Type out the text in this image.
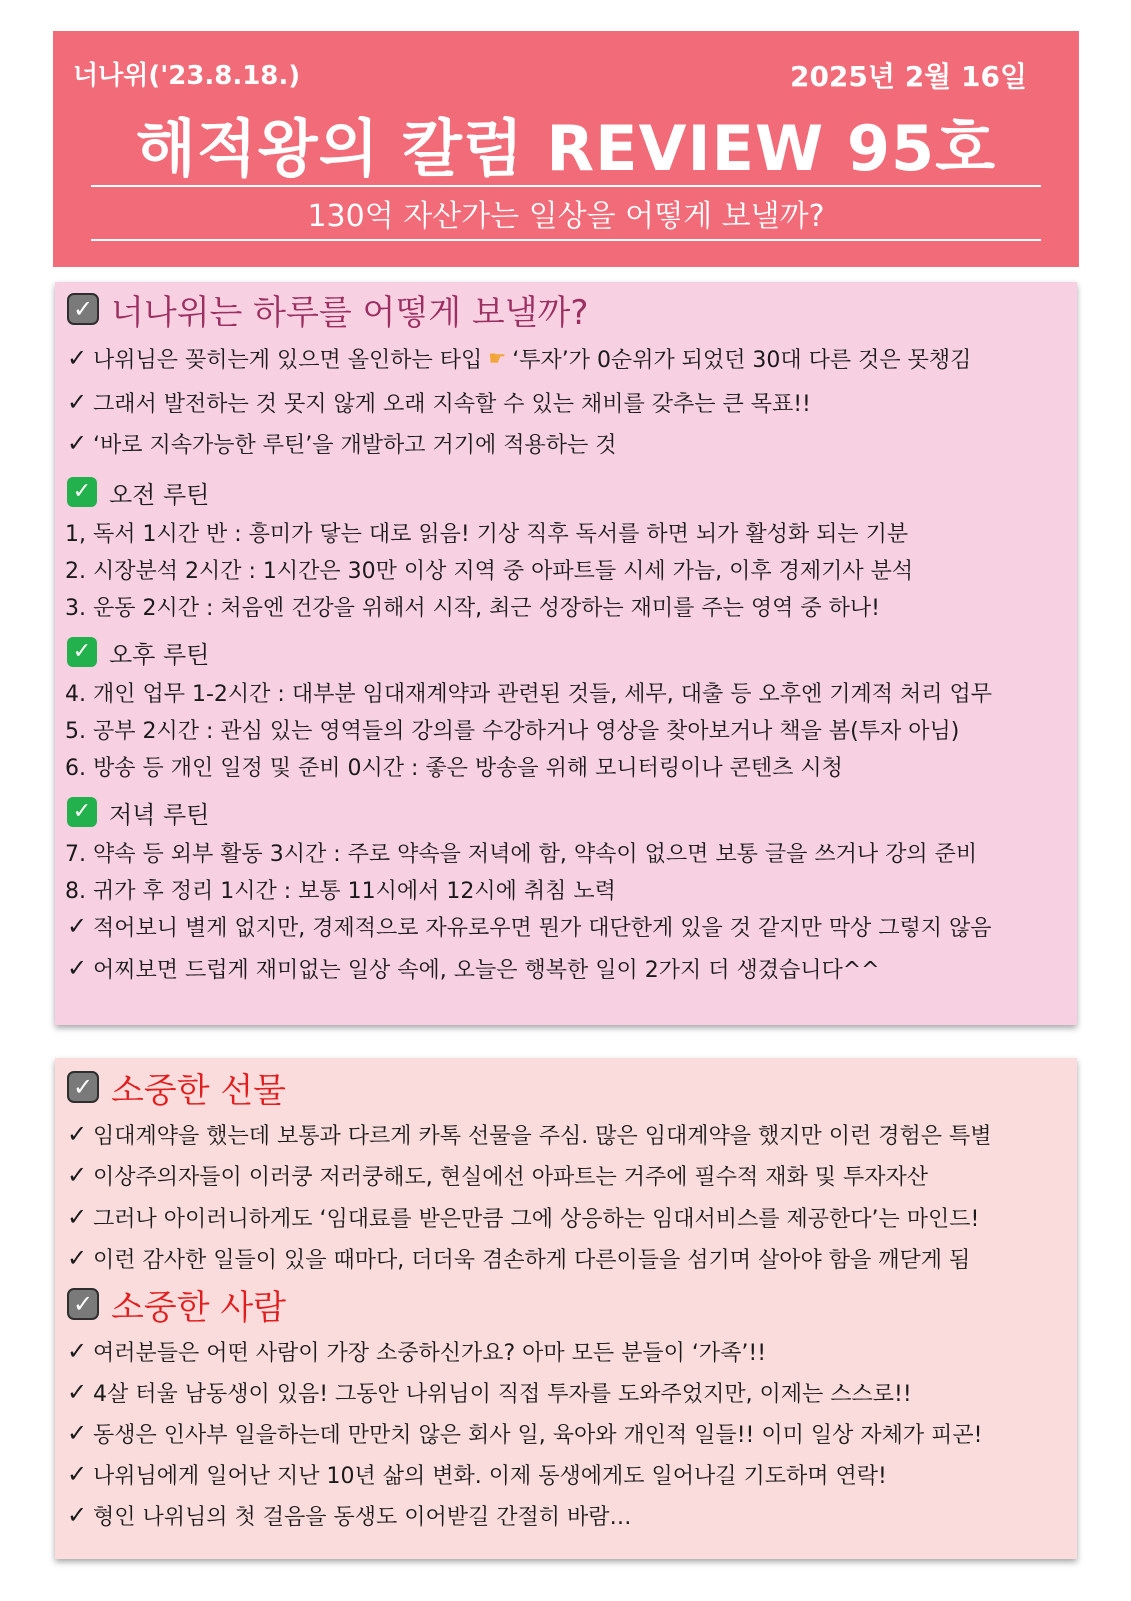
너나위('23.8.18.)	2025년 2월 16일
해적왕의 칼럼 REVIEW 95호
130억 자산가는 일상을 어떻게 보낼까?
✓ 너나위는 하루를 어떻게 보낼까?
✓ 나위님은 꽂히는게 있으면 올인하는 타입 ☛ ‘투자’가 0순위가 되었던 30대 다른 것은 못챙김
✓ 그래서 발전하는 것 못지 않게 오래 지속할 수 있는 채비를 갖추는 큰 목표!!
✓ ‘바로 지속가능한 루틴’을 개발하고 거기에 적용하는 것
✓ 오전 루틴
1, 독서 1시간 반 : 흥미가 닿는 대로 읽음! 기상 직후 독서를 하면 뇌가 활성화 되는 기분
2. 시장분석 2시간 : 1시간은 30만 이상 지역 중 아파트들 시세 가늠, 이후 경제기사 분석
3. 운동 2시간 : 처음엔 건강을 위해서 시작, 최근 성장하는 재미를 주는 영역 중 하나!
✓ 오후 루틴
4. 개인 업무 1-2시간 : 대부분 임대재계약과 관련된 것들, 세무, 대출 등 오후엔 기계적 처리 업무
5. 공부 2시간 : 관심 있는 영역들의 강의를 수강하거나 영상을 찾아보거나 책을 봄(투자 아님)
6. 방송 등 개인 일정 및 준비 0시간 : 좋은 방송을 위해 모니터링이나 콘텐츠 시청
✓ 저녁 루틴
7. 약속 등 외부 활동 3시간 : 주로 약속을 저녁에 함, 약속이 없으면 보통 글을 쓰거나 강의 준비
8. 귀가 후 정리 1시간 : 보통 11시에서 12시에 취침 노력
✓ 적어보니 별게 없지만, 경제적으로 자유로우면 뭔가 대단한게 있을 것 같지만 막상 그렇지 않음
✓ 어찌보면 드럽게 재미없는 일상 속에, 오늘은 행복한 일이 2가지 더 생겼습니다^^
✓ 소중한 선물
✓ 임대계약을 했는데 보통과 다르게 카톡 선물을 주심. 많은 임대계약을 했지만 이런 경험은 특별
✓ 이상주의자들이 이러쿵 저러쿵해도, 현실에선 아파트는 거주에 필수적 재화 및 투자자산
✓ 그러나 아이러니하게도 ‘임대료를 받은만큼 그에 상응하는 임대서비스를 제공한다’는 마인드!
✓ 이런 감사한 일들이 있을 때마다, 더더욱 겸손하게 다른이들을 섬기며 살아야 함을 깨닫게 됨
✓ 소중한 사람
✓ 여러분들은 어떤 사람이 가장 소중하신가요? 아마 모든 분들이 ‘가족’!!
✓ 4살 터울 남동생이 있음! 그동안 나위님이 직접 투자를 도와주었지만, 이제는 스스로!!
✓ 동생은 인사부 일을하는데 만만치 않은 회사 일, 육아와 개인적 일들!! 이미 일상 자체가 피곤!
✓ 나위님에게 일어난 지난 10년 삶의 변화. 이제 동생에게도 일어나길 기도하며 연락!
✓ 형인 나위님의 첫 걸음을 동생도 이어받길 간절히 바람…
